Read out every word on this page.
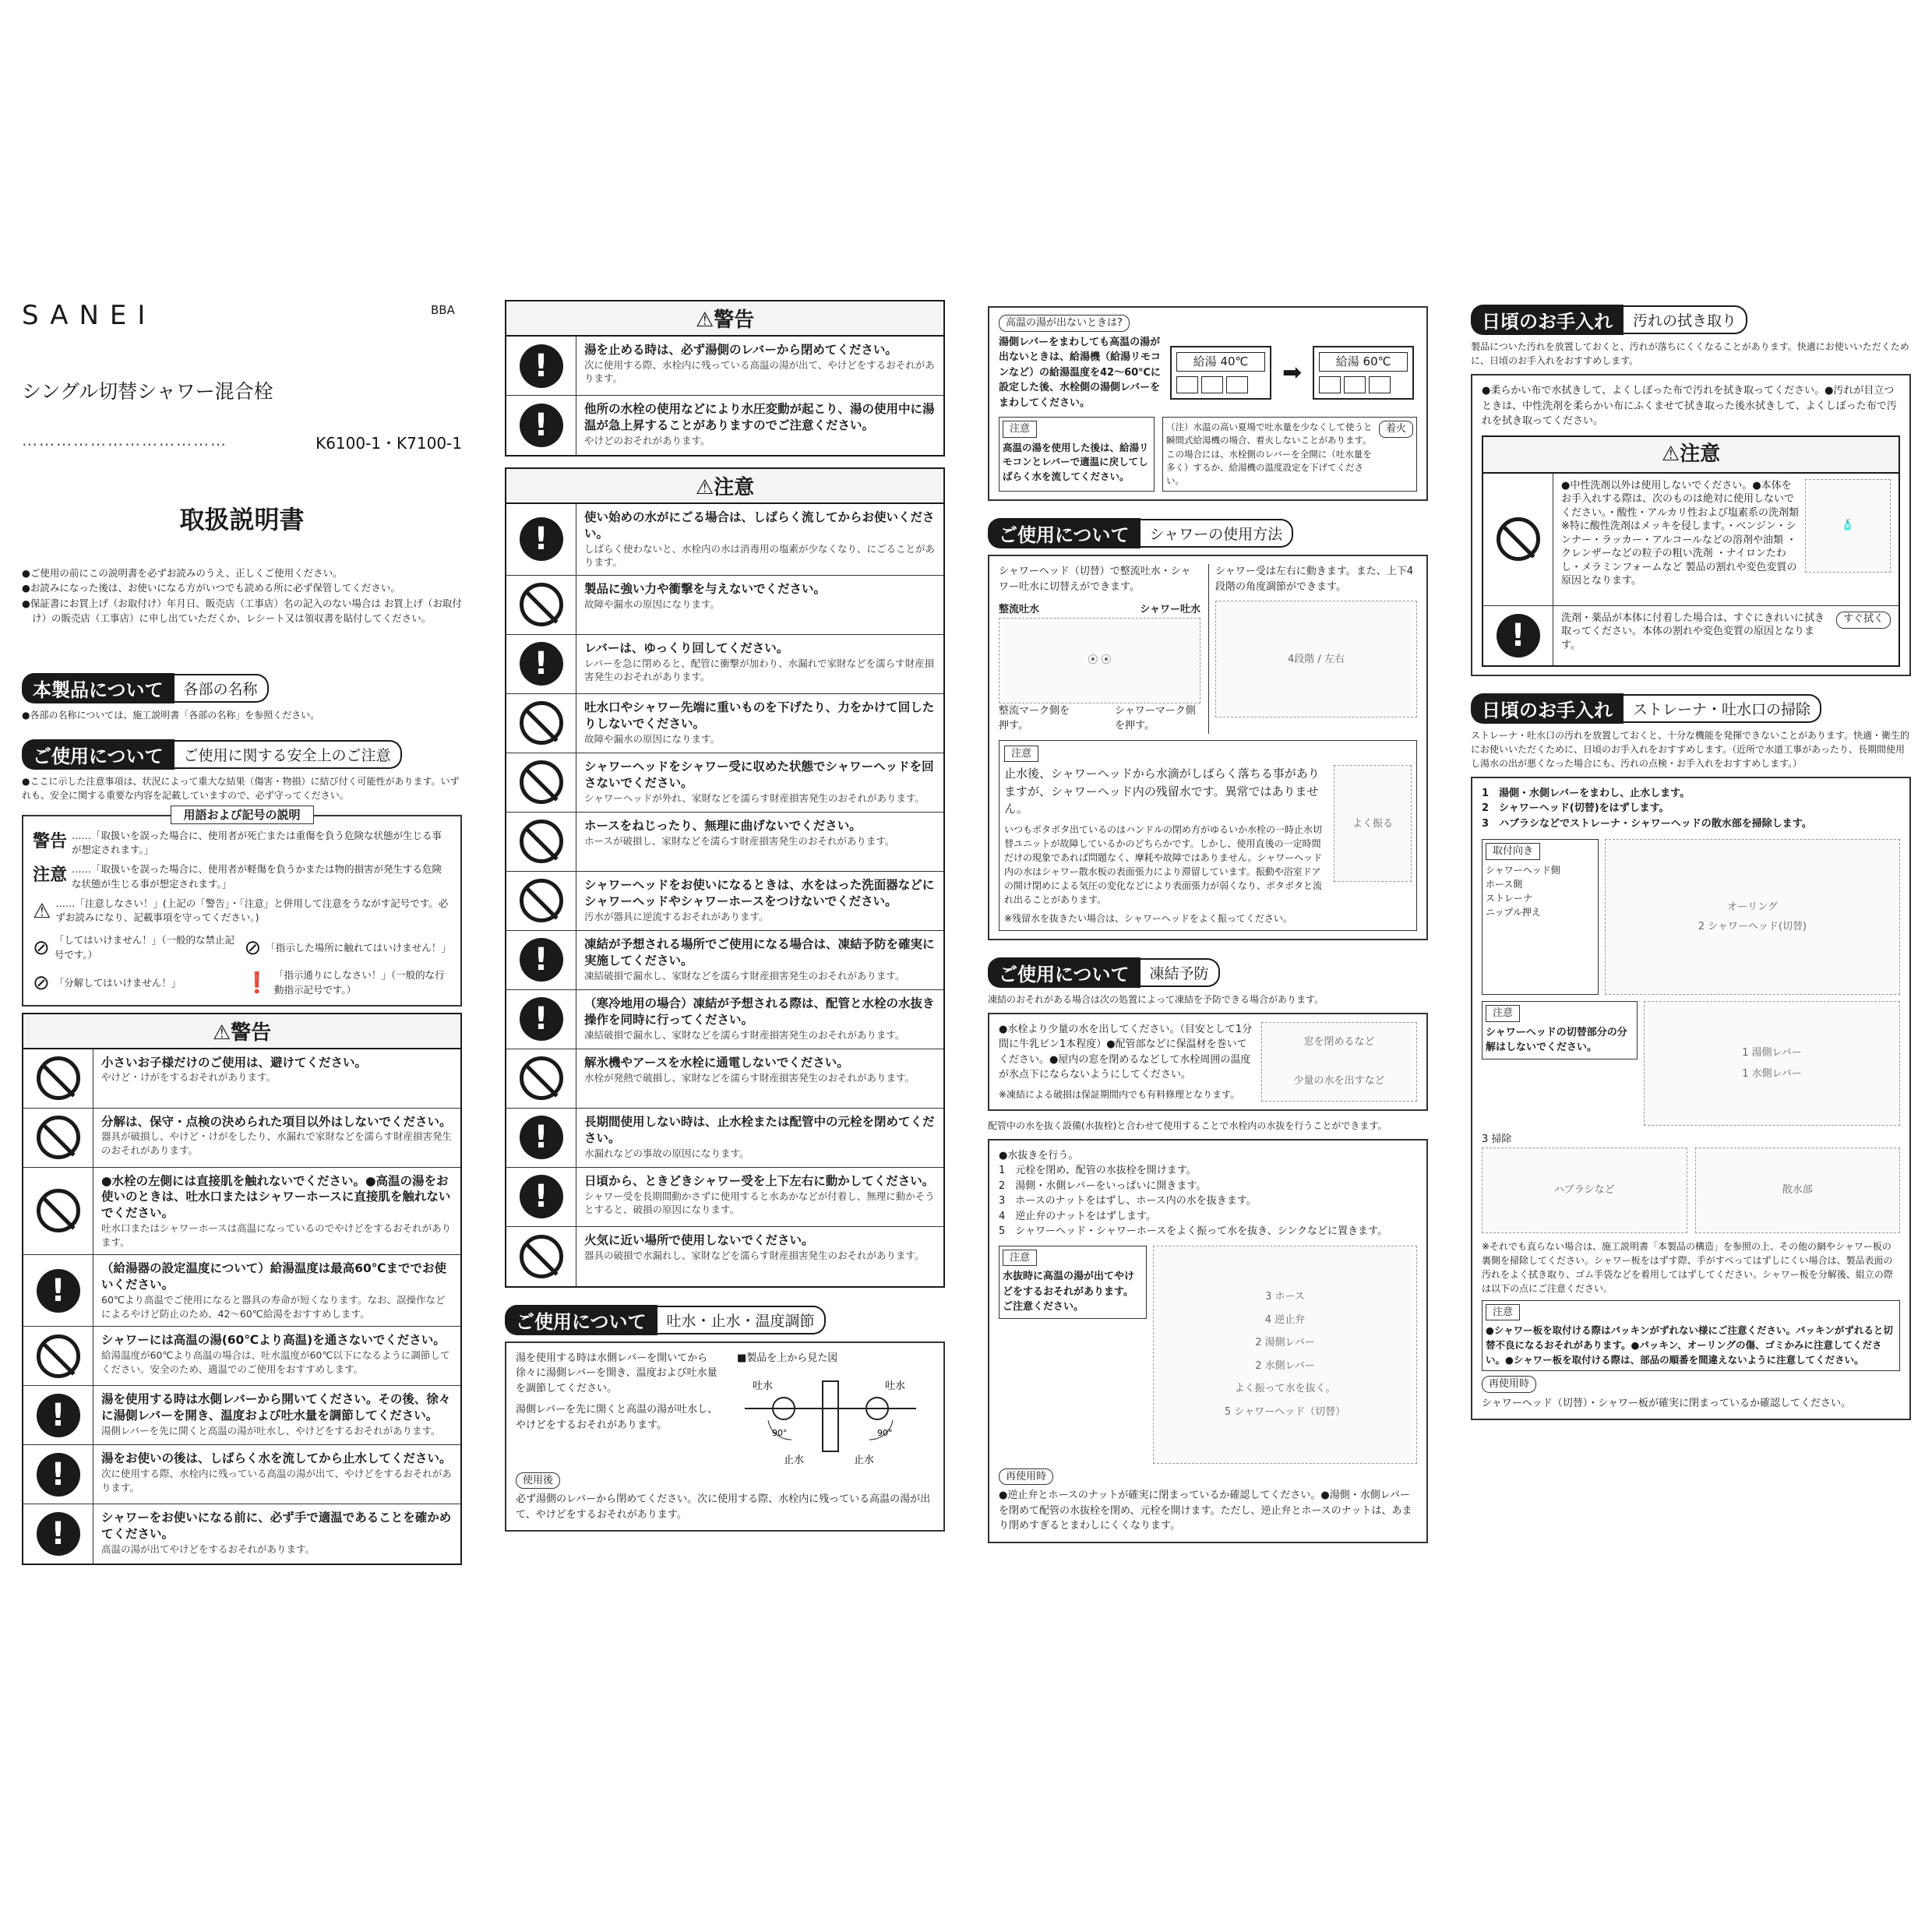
SANEI	BBA
シングル切替シャワー混合栓
………………………………	K6100-1・K7100-1
取扱説明書

●ご使用の前にこの説明書を必ずお読みのうえ、正しくご使用ください。

●お読みになった後は、お使いになる方がいつでも読める所に必ず保管してください。

●保証書にお買上げ（お取付け）年月日、販売店（工事店）名の記入のない場合は お買上げ（お取付け）の販売店（工事店）に申し出ていただくか、レシート又は領収書を貼付してください。

本製品について	各部の名称
●各部の名称については、施工説明書「各部の名称」を参照ください。
ご使用について	ご使用に関する安全上のご注意
●ここに示した注意事項は、状況によって重大な結果（傷害・物損）に結び付く可能性があります。いずれも、安全に関する重要な内容を記載していますので、必ず守ってください。
用語および記号の説明
警告 ……「取扱いを誤った場合に、使用者が死亡または重傷を負う危険な状態が生じる事が想定されます。」
注意 ……「取扱いを誤った場合に、使用者が軽傷を負うかまたは物的損害が発生する危険な状態が生じる事が想定されます。」
⚠ ……「注意しなさい！」(上記の「警告」・「注意」と併用して注意をうながす記号です。必ずお読みになり、記載事項を守ってください。)
⊘ 「してはいけません！」（一般的な禁止記号です。）	⊘ 「指示した場所に触れてはいけません！」
⊘ 「分解してはいけません！」	❗ 「指示通りにしなさい！」（一般的な行動指示記号です。）
⚠警告
小さいお子様だけのご使用は、避けてください。
やけど・けがをするおそれがあります。
分解は、保守・点検の決められた項目以外はしないでください。
器具が破損し、やけど・けがをしたり、水漏れで家財などを濡らす財産損害発生のおそれがあります。
●水栓の左側には直接肌を触れないでください。●高温の湯をお使いのときは、吐水口またはシャワーホースに直接肌を触れないでください。
吐水口またはシャワーホースは高温になっているのでやけどをするおそれがあります。
!
（給湯器の設定温度について）給湯温度は最高60℃まででお使いください。
60℃より高温でご使用になると器具の寿命が短くなります。なお、誤操作などによるやけど防止のため、42～60℃給湯をおすすめします。
シャワーには高温の湯(60℃より高温)を通さないでください。
給湯温度が60℃より高温の場合は、吐水温度が60℃以下になるように調節してください。安全のため、適温でのご使用をおすすめします。
!	湯を使用する時は水側レバーから開いてください。その後、徐々に湯側レバーを開き、温度および吐水量を調節してください。
湯側レバーを先に開くと高温の湯が吐水し、やけどをするおそれがあります。
!	湯をお使いの後は、しばらく水を流してから止水してください。
次に使用する際、水栓内に残っている高温の湯が出て、やけどをするおそれがあります。
!	シャワーをお使いになる前に、必ず手で適温であることを確かめてください。
高温の湯が出てやけどをするおそれがあります。
⚠警告
!	湯を止める時は、必ず湯側のレバーから閉めてください。
次に使用する際、水栓内に残っている高温の湯が出て、やけどをするおそれがあります。
!	他所の水栓の使用などにより水圧変動が起こり、湯の使用中に湯温が急上昇することがありますのでご注意ください。
やけどのおそれがあります。
⚠注意
!
使い始めの水がにごる場合は、しばらく流してからお使いください。
しばらく使わないと、水栓内の水は消毒用の塩素が少なくなり、にごることがあります。
製品に強い力や衝撃を与えないでください。
故障や漏水の原因になります。
!	レバーは、ゆっくり回してください。
レバーを急に閉めると、配管に衝撃が加わり、水漏れで家財などを濡らす財産損害発生のおそれがあります。
吐水口やシャワー先端に重いものを下げたり、力をかけて回したりしないでください。
故障や漏水の原因になります。
シャワーヘッドをシャワー受に収めた状態でシャワーヘッドを回さないでください。
シャワーヘッドが外れ、家財などを濡らす財産損害発生のおそれがあります。
ホースをねじったり、無理に曲げないでください。
ホースが破損し、家財などを濡らす財産損害発生のおそれがあります。
シャワーヘッドをお使いになるときは、水をはった洗面器などにシャワーヘッドやシャワーホースをつけないでください。
汚水が器具に逆流するおそれがあります。
!	凍結が予想される場所でご使用になる場合は、凍結予防を確実に実施してください。
凍結破損で漏水し、家財などを濡らす財産損害発生のおそれがあります。
!	（寒冷地用の場合）凍結が予想される際は、配管と水栓の水抜き操作を同時に行ってください。
凍結破損で漏水し、家財などを濡らす財産損害発生のおそれがあります。
解氷機やアースを水栓に通電しないでください。
水栓が発熱で破損し、家財などを濡らす財産損害発生のおそれがあります。
!	長期間使用しない時は、止水栓または配管中の元栓を閉めてください。
水漏れなどの事故の原因になります。
!	日頃から、ときどきシャワー受を上下左右に動かしてください。
シャワー受を長期間動かさずに使用すると水あかなどが付着し、無理に動かそうとすると、破損の原因になります。
火気に近い場所で使用しないでください。
器具の破損で水漏れし、家財などを濡らす財産損害発生のおそれがあります。
ご使用について	吐水・止水・温度調節

湯を使用する時は水側レバーを開いてから徐々に湯側レバーを開き、温度および吐水量を調節してください。

湯側レバーを先に開くと高温の湯が吐水し、やけどをするおそれがあります。

■製品を上から見た図
吐水	吐水
止水	止水
90°	90°
使用後

必ず湯側のレバーから閉めてください。次に使用する際、水栓内に残っている高温の湯が出て、やけどをするおそれがあります。

高温の湯が出ないときは?

湯側レバーをまわしても高温の湯が出ないときは、給湯機（給湯リモコンなど）の給湯温度を42～60℃に設定した後、水栓側の湯側レバーをまわしてください。

給湯 40℃	➡	給湯 60℃
注意

高温の湯を使用した後は、給湯リモコンとレバーで適温に戻してしばらく水を流してください。

（注）水温の高い夏場で吐水量を少なくして使うと瞬間式給湯機の場合、着火しないことがあります。この場合には、水栓側のレバーを全開に（吐水量を多く）するか、給湯機の温度設定を下げてください。

着火
ご使用について	シャワーの使用方法

シャワーヘッド（切替）で整流吐水・シャワー吐水に切替えができます。

整流吐水	シャワー吐水
⦿ ⦿
整流マーク側を押す。
シャワーマーク側を押す。

シャワー受は左右に動きます。また、上下4段階の角度調節ができます。

4段階 / 左右
注意

止水後、シャワーヘッドから水滴がしばらく落ちる事がありますが、シャワーヘッド内の残留水です。異常ではありません。

いつもポタポタ出ているのはハンドルの閉め方がゆるいか水栓の一時止水切替ユニットが故障しているかのどちらかです。しかし、使用直後の一定時間だけの現象であれば問題なく、摩耗や故障ではありません。シャワーヘッド内の水はシャワー散水板の表面張力により滞留しています。振動や浴室ドアの開け閉めによる気圧の変化などにより表面張力が弱くなり、ポタポタと流れ出ることがあります。

※残留水を抜きたい場合は、シャワーヘッドをよく振ってください。

よく振る
ご使用について	凍結予防
凍結のおそれがある場合は次の処置によって凍結を予防できる場合があります。

●水栓より少量の水を出してください。（目安として1分間に牛乳ビン1本程度）●配管部などに保温材を巻いてください。●屋内の窓を閉めるなどして水栓周囲の温度が氷点下にならないようにしてください。

※凍結による破損は保証期間内でも有料修理となります。

窓を閉めるなど
少量の水を出すなど
配管中の水を抜く設備(水抜栓)と合わせて使用することで水栓内の水抜を行うことができます。

●水抜きを行う。

1　元栓を閉め、配管の水抜栓を開けます。

2　湯側・水側レバーをいっぱいに開きます。

3　ホースのナットをはずし、ホース内の水を抜きます。

4　逆止弁のナットをはずします。

5　シャワーヘッド・シャワーホースをよく振って水を抜き、シンクなどに置きます。

注意

水抜時に高温の湯が出てやけどをするおそれがあります。ご注意ください。

3 ホース
4 逆止弁
2 湯側レバー
2 水側レバー
よく振って水を抜く。
5 シャワーヘッド（切替）
再使用時

●逆止弁とホースのナットが確実に閉まっているか確認してください。●湯側・水側レバーを閉めて配管の水抜栓を閉め、元栓を開けます。ただし、逆止弁とホースのナットは、あまり閉めすぎるとまわしにくくなります。

日頃のお手入れ	汚れの拭き取り
製品についた汚れを放置しておくと、汚れが落ちにくくなることがあります。快適にお使いいただくために、日頃のお手入れをおすすめします。

●柔らかい布で水拭きして、よくしぼった布で汚れを拭き取ってください。●汚れが目立つときは、中性洗剤を柔らかい布にふくませて拭き取った後水拭きして、よくしぼった布で汚れを拭き取ってください。

⚠注意
●中性洗剤以外は使用しないでください。●本体をお手入れする際は、次のものは絶対に使用しないでください。・酸性・アルカリ性および塩素系の洗剤類 ※特に酸性洗剤はメッキを侵します。・ベンジン・シンナー・ラッカー・アルコールなどの溶剤や油類 ・クレンザーなどの粒子の粗い洗剤 ・ナイロンたわし・メラミンフォームなど 製品の割れや変色変質の原因となります。
🧴
!	洗剤・薬品が本体に付着した場合は、すぐにきれいに拭き取ってください。本体の割れや変色変質の原因となります。
すぐ拭く
日頃のお手入れ	ストレーナ・吐水口の掃除
ストレーナ・吐水口の汚れを放置しておくと、十分な機能を発揮できないことがあります。快適・衛生的にお使いいただくために、日頃のお手入れをおすすめします。（近所で水道工事があったり、長期間使用し湯水の出が悪くなった場合にも、汚れの点検・お手入れをおすすめします。）

1　湯側・水側レバーをまわし、止水します。

2　シャワーヘッド(切替)をはずします。

3　ハブラシなどでストレーナ・シャワーヘッドの散水部を掃除します。

取付向き

シャワーヘッド側

ホース側

ストレーナ

ニップル押え	オーリング
2 シャワーヘッド(切替)
注意

シャワーヘッドの切替部分の分解はしないでください。	1 湯側レバー
1 水側レバー

3 掃除

ハブラシなど	散水部

※それでも直らない場合は、施工説明書「本製品の構造」を参照の上、その他の網やシャワー板の裏側を掃除してください。シャワー板をはずす際、手がすべってはずしにくい場合は、製品表面の汚れをよく拭き取り、ゴム手袋などを着用してはずしてください。シャワー板を分解後、組立の際は以下の点にご注意ください。

注意

●シャワー板を取付ける際はパッキンがずれない様にご注意ください。パッキンがずれると切替不良になるおそれがあります。●パッキン、オーリングの傷、ゴミかみに注意してください。●シャワー板を取付ける際は、部品の順番を間違えないように注意してください。

再使用時

シャワーヘッド（切替）・シャワー板が確実に閉まっているか確認してください。
